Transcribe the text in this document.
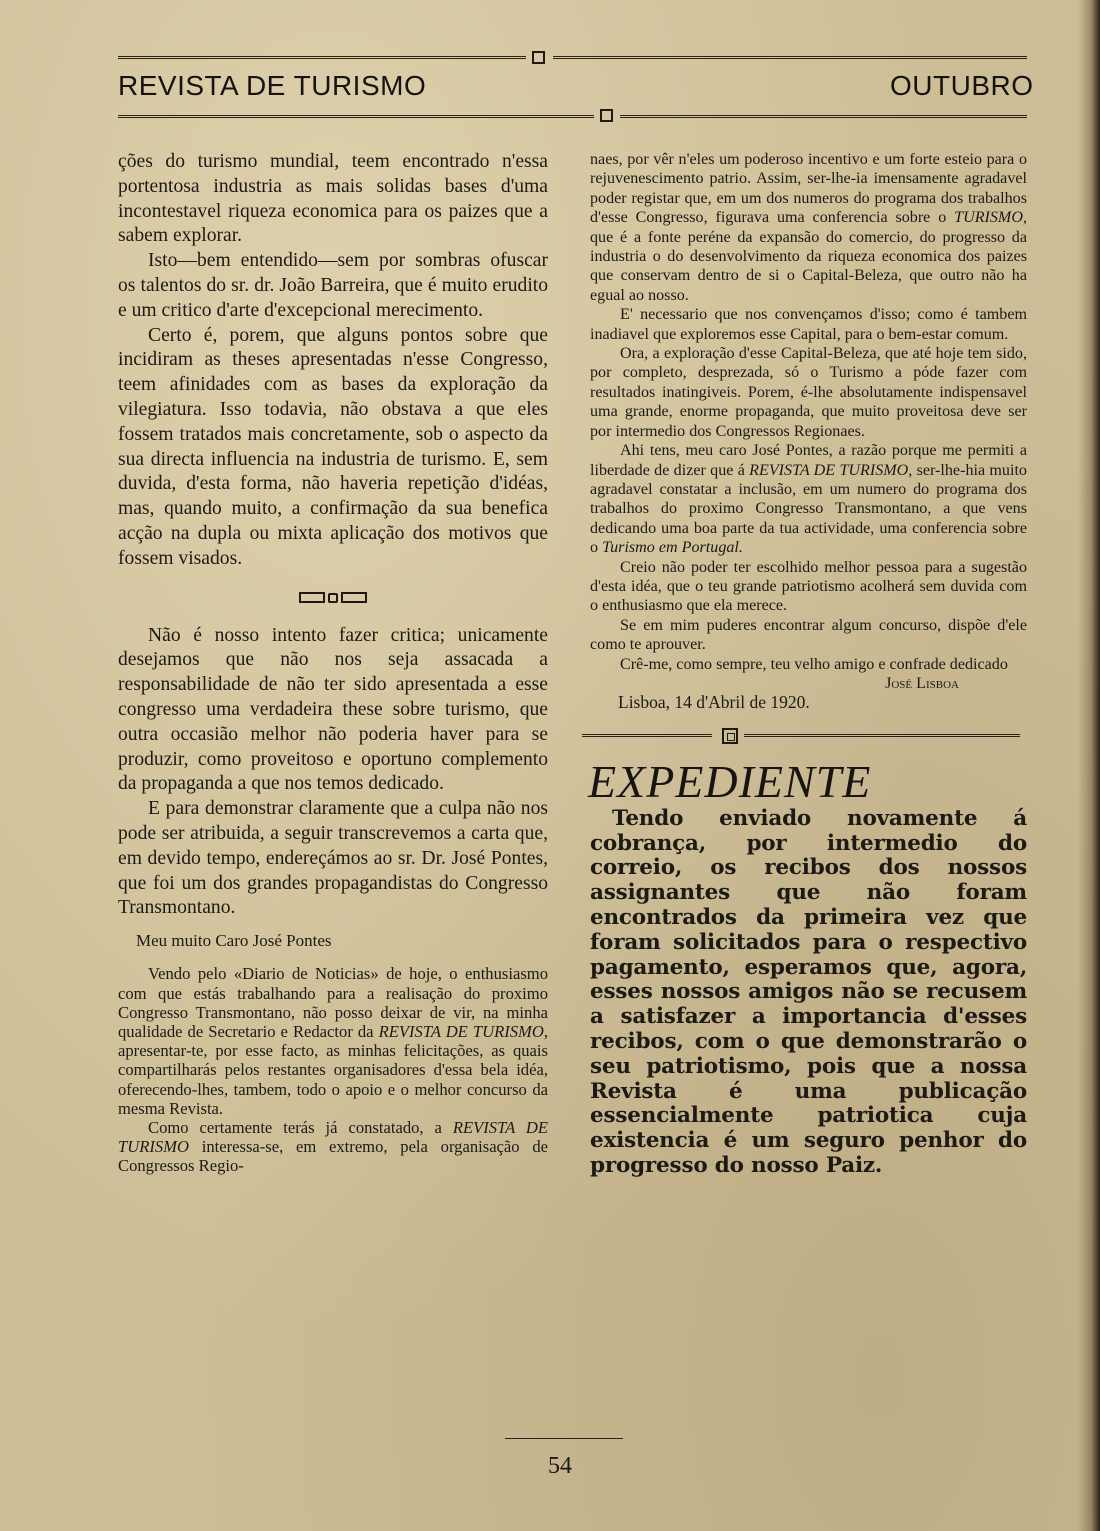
REVISTA DE TURISMO	OUTUBRO

ções do turismo mundial, teem encontrado n'essa portentosa industria as mais solidas bases d'uma incontestavel riqueza economica para os paizes que a sabem explorar.

Isto—bem entendido—sem por sombras ofuscar os talentos do sr. dr. João Barreira, que é muito erudito e um critico d'arte d'excepcional merecimento.

Certo é, porem, que alguns pontos sobre que incidiram as theses apresentadas n'esse Congresso, teem afinidades com as bases da exploração da vilegiatura. Isso todavia, não obstava a que eles fossem tratados mais concretamente, sob o aspecto da sua directa influencia na industria de turismo. E, sem duvida, d'esta forma, não haveria repetição d'idéas, mas, quando muito, a confirmação da sua benefica acção na dupla ou mixta aplicação dos motivos que fossem visados.

Não é nosso intento fazer critica; unicamente desejamos que não nos seja assacada a responsabilidade de não ter sido apresentada a esse congresso uma verdadeira these sobre turismo, que outra occasião melhor não poderia haver para se produzir, como proveitoso e oportuno complemento da propaganda a que nos temos dedicado.

E para demonstrar claramente que a culpa não nos pode ser atribuida, a seguir transcrevemos a carta que, em devido tempo, endereçámos ao sr. Dr. José Pontes, que foi um dos grandes propagandistas do Congresso Transmontano.

Meu muito Caro José Pontes

Vendo pelo «Diario de Noticias» de hoje, o enthusiasmo com que estás trabalhando para a realisação do proximo Congresso Transmontano, não posso deixar de vir, na minha qualidade de Secretario e Redactor da REVISTA DE TURISMO, apresentar-te, por esse facto, as minhas felicitações, as quais compartilharás pelos restantes organisadores d'essa bela idéa, oferecendo-lhes, tambem, todo o apoio e o melhor concurso da mesma Revista.

Como certamente terás já constatado, a REVISTA DE TURISMO interessa-se, em extremo, pela organisação de Congressos Regio-

naes, por vêr n'eles um poderoso incentivo e um forte esteio para o rejuvenescimento patrio. Assim, ser-lhe-ia imensamente agradavel poder registar que, em um dos numeros do programa dos trabalhos d'esse Congresso, figurava uma conferencia sobre o TURISMO, que é a fonte peréne da expansão do comercio, do progresso da industria o do desenvolvimento da riqueza economica dos paizes que conservam dentro de si o Capital-Beleza, que outro não ha egual ao nosso.

E' necessario que nos convençamos d'isso; como é tambem inadiavel que exploremos esse Capital, para o bem-estar comum.

Ora, a exploração d'esse Capital-Beleza, que até hoje tem sido, por completo, desprezada, só o Turismo a póde fazer com resultados inatingiveis. Porem, é-lhe absolutamente indispensavel uma grande, enorme propaganda, que muito proveitosa deve ser por intermedio dos Congressos Regionaes.

Ahi tens, meu caro José Pontes, a razão porque me permiti a liberdade de dizer que á REVISTA DE TURISMO, ser-lhe-hia muito agradavel constatar a inclusão, em um numero do programa dos trabalhos do proximo Congresso Transmontano, a que vens dedicando uma boa parte da tua actividade, uma conferencia sobre o Turismo em Portugal.

Creio não poder ter escolhido melhor pessoa para a sugestão d'esta idéa, que o teu grande patriotismo acolherá sem duvida com o enthusiasmo que ela merece.

Se em mim puderes encontrar algum concurso, dispõe d'ele como te aprouver.

Crê-me, como sempre, teu velho amigo e confrade dedicado

José Lisboa

Lisboa, 14 d'Abril de 1920.

EXPEDIENTE

Tendo enviado novamente á cobrança, por intermedio do correio, os recibos dos nossos assignantes que não foram encontrados da primeira vez que foram solicitados para o respectivo pagamento, esperamos que, agora, esses nossos amigos não se recusem a satisfazer a importancia d'esses recibos, com o que demonstrarão o seu patriotismo, pois que a nossa Revista é uma publicação essencialmente patriotica cuja existencia é um seguro penhor do progresso do nosso Paiz.

54
